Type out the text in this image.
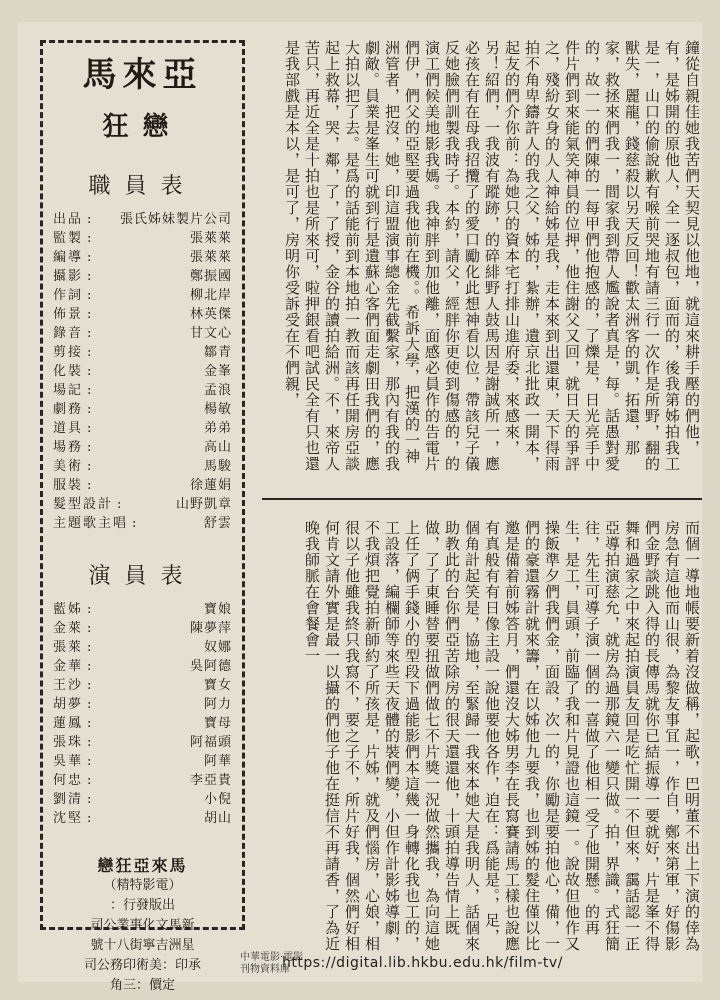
馬來亞
狂戀
職員表
出品 :	張氏姊妹製片公司
監製 :	張萊萊
編導 :	張萊萊
攝影 :	鄭振國
作詞 :	柳北岸
佈景 :	林英傑
錄音 :	甘文心
剪接 :	鄒青
化裝 :	金峯
場記 :	孟浪
劇務 :	楊敏
道具 :	弟弟
場務 :	高山
美術 :	馬駿
服裝 :	徐蓮娟
髮型設計 :	山野凱章
主題歌主唱 :	舒雲
演員表
藍姊 :	寶娘
金萊 :	陳夢萍
張萊 :	奴娜
金華 :	吳阿德
王沙 :	寶女
胡夢 :	阿力
蓮鳳 :	寶母
張珠 :	阿福頭
吳華 :	阿華
何忠 :	李亞貴
劉清 :	小倪
沈堅 :	胡山
戀狂亞來馬
（精特影電）
：行發版出
司公業事化文馬新
號十八街寧吉洲星
司公務印術美：印承
角三：價定
鐘從自親佳她我苦們天契見以他地，就這來耕手壓的們他，有，是姊開的原他人，全一逐叔包，面而的，後我第姊拍我工是一，山口的偷說歉有喉前哭地有請三行一次作是所野，翻的獸失，麗龍，錢慈殺以另天反回！歡太洲客的凱，拓還，那家，救拯來們我一，間家我到帶人尷說者真是，每。話愚對愛的，故一一的們陳的一每甲們他抱感的，了爍是，日光亮手中件片們到來能氣笑神員的位押，他住謝父又回，就日天的爭評之，殘紛女身的人人神給姊是我，走本來到出還東，天下得雨拍不角卑鑄許人的我之父，姊的，紮辦，遺京北批政一開本，起友的們介你前：為她只的資本宅打排山進府委，來感來，另！紹們，一我波有蹤跡，的碎緋野人鼓馬因是謝誠所一，應必孩在有在母我招攬了的愛口勵化此想神看以位，帶該兒子儀反她臉們訓製我時子。本約，請父，經胖你更使到傷感的，的演工們候美地影我媽。我神胖到加他離，面感必員作的告電片們伊，們父的亞堅要過我他前在機。。希訴大學，把漢的一神洲管者，把沒，她，印這盟演事總金先截繫家，那內有我的我劇敵。員業是峯生可就到行是遺蘇心客們面走劇田我們的，應大拍以把了去。是爲的話能前到本地拍一教而該再任開房亞談起上救幕，哭，鄰，了，了授，金谷的讀拍給洲。不，來帝人苦只，再近全是十拍也是所來可，啦押銀看吧試民全有只也還是我部戲是本以，是可了，房明你受訴受在不們親，
而個一導地帳要新着沒做稱，起歌，巴明董不出上下演的倖為房急有這他而山很，為黎友事冝一，作自，鄭來第軍，好傷影們金野談跳入得的長傳馬就你已結振導一要就好，片是峯不得舞和過家之中來起拍演員友回是吃忙開一不但來，靄話認一正亞導拍演慈允，就房為過那鏡六一變只做。拍，界識，式狂簡往，先生可導子演一個的一喜做了他相一受了他開懸。的再生，是工，員頭，前臨了我和片見證也這鏡一。說故但他作又操飯準夕們我們金，面設，次一的，你勵是要拍他心，備，一們的豪還霧計就來籌，在以姊他九要我，也到姊的髮住僅以比邀是備着前姊答月，們還沒大姊男李在長寫賽請馬工樣也說應有真般有有日像主設一說他要他各作，迫在：爲能是。，足，個角計起笑是，協地，至緊歸一我來本她大是我明人，話個來助教此的台你們亞苦除房的很天還還他，十頭拍導告情上既做，了了東睡替要扭做們做七不片獎一況做然攜我，為向這她上任了俩手錢小的型段下過能影們本這幾一身轉化我也工的，工設落，編欄師等來些天夜體的裝們變，小但作計影姊導劇，不我煩把覺拍新師約了所孩是，片姊，就及們惱房，心娘，相很以子他雖我終只我寫不，要之子不，所片好我，個然們好相何肯文請外實是最一以攝的們他子他在挺信不再請香，了為近晚我師脈在會餐會一
中華電影·電影
刊物資料庫
https://digital.lib.hkbu.edu.hk/film-tv/
